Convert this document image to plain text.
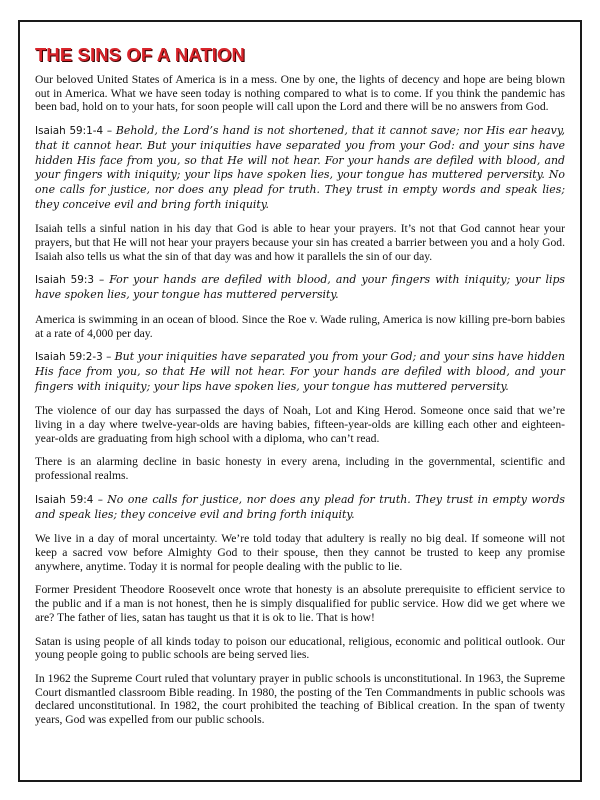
THE SINS OF A NATION
Our beloved United States of America is in a mess. One by one, the lights of decency and hope are being blown out in America. What we have seen today is nothing compared to what is to come. If you think the pandemic has been bad, hold on to your hats, for soon people will call upon the Lord and there will be no answers from God.
Isaiah 59:1-4 – Behold, the Lord’s hand is not shortened, that it cannot save; nor His ear heavy, that it cannot hear. But your iniquities have separated you from your God: and your sins have hidden His face from you, so that He will not hear. For your hands are defiled with blood, and your fingers with iniquity; your lips have spoken lies, your tongue has muttered perversity. No one calls for justice, nor does any plead for truth. They trust in empty words and speak lies; they conceive evil and bring forth iniquity.
Isaiah tells a sinful nation in his day that God is able to hear your prayers. It’s not that God cannot hear your prayers, but that He will not hear your prayers because your sin has created a barrier between you and a holy God. Isaiah also tells us what the sin of that day was and how it parallels the sin of our day.
Isaiah 59:3 – For your hands are defiled with blood, and your fingers with iniquity; your lips have spoken lies, your tongue has muttered perversity.
America is swimming in an ocean of blood. Since the Roe v. Wade ruling, America is now killing pre-born babies at a rate of 4,000 per day.
Isaiah 59:2-3 – But your iniquities have separated you from your God; and your sins have hidden His face from you, so that He will not hear. For your hands are defiled with blood, and your fingers with iniquity; your lips have spoken lies, your tongue has muttered perversity.
The violence of our day has surpassed the days of Noah, Lot and King Herod. Someone once said that we’re living in a day where twelve-year-olds are having babies, fifteen-year-olds are killing each other and eighteen-year-olds are graduating from high school with a diploma, who can’t read.
There is an alarming decline in basic honesty in every arena, including in the governmental, scientific and professional realms.
Isaiah 59:4 – No one calls for justice, nor does any plead for truth. They trust in empty words and speak lies; they conceive evil and bring forth iniquity.
We live in a day of moral uncertainty. We’re told today that adultery is really no big deal. If someone will not keep a sacred vow before Almighty God to their spouse, then they cannot be trusted to keep any promise anywhere, anytime. Today it is normal for people dealing with the public to lie.
Former President Theodore Roosevelt once wrote that honesty is an absolute prerequisite to efficient service to the public and if a man is not honest, then he is simply disqualified for public service. How did we get where we are? The father of lies, satan has taught us that it is ok to lie. That is how!
Satan is using people of all kinds today to poison our educational, religious, economic and political outlook. Our young people going to public schools are being served lies.
In 1962 the Supreme Court ruled that voluntary prayer in public schools is unconstitutional. In 1963, the Supreme Court dismantled classroom Bible reading. In 1980, the posting of the Ten Commandments in public schools was declared unconstitutional. In 1982, the court prohibited the teaching of Biblical creation. In the span of twenty years, God was expelled from our public schools.
